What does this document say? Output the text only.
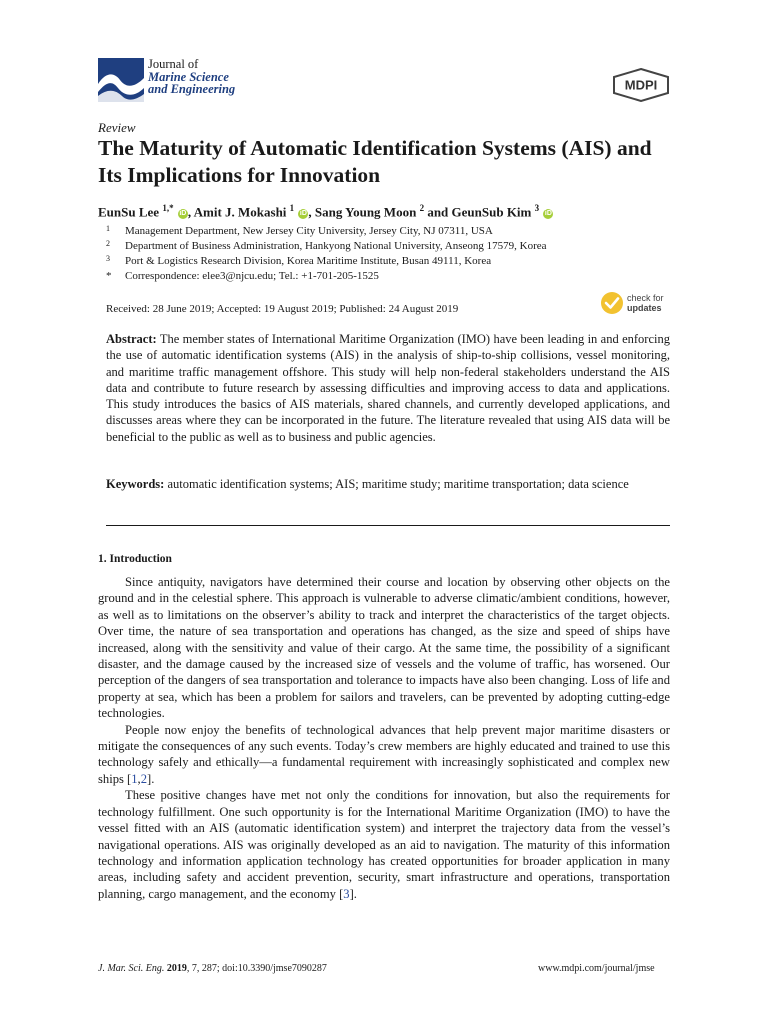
Journal of
Marine Science
and Engineering	MDPI
Review
The Maturity of Automatic Identification Systems (AIS) and Its Implications for Innovation
EunSu Lee $^{1,*}$ iD , Amit J. Mokashi $^1$ iD , Sang Young Moon $^2$ and GeunSub Kim $^3$ iD
1 Management Department, New Jersey City University, Jersey City, NJ 07311, USA
2 Department of Business Administration, Hankyong National University, Anseong 17579, Korea
3 Port & Logistics Research Division, Korea Maritime Institute, Busan 49111, Korea
* Correspondence: elee3@njcu.edu; Tel.: +1-701-205-1525
Received: 28 June 2019; Accepted: 19 August 2019; Published: 24 August 2019
check for
updates
Abstract: The member states of International Maritime Organization (IMO) have been leading in and enforcing the use of automatic identification systems (AIS) in the analysis of ship-to-ship collisions, vessel monitoring, and maritime traffic management offshore. This study will help non-federal stakeholders understand the AIS data and contribute to future research by assessing difficulties and improving access to data and applications. This study introduces the basics of AIS materials, shared channels, and currently developed applications, and discusses areas where they can be incorporated in the future. The literature revealed that using AIS data will be beneficial to the public as well as to business and public agencies.
Keywords: automatic identification systems; AIS; maritime study; maritime transportation; data science
1. Introduction

Since antiquity, navigators have determined their course and location by observing other objects on the ground and in the celestial sphere. This approach is vulnerable to adverse climatic/ambient conditions, however, as well as to limitations on the observer’s ability to track and interpret the characteristics of the target objects. Over time, the nature of sea transportation and operations has changed, as the size and speed of ships have increased, along with the sensitivity and value of their cargo. At the same time, the possibility of a significant disaster, and the damage caused by the increased size of vessels and the volume of traffic, has worsened. Our perception of the dangers of sea transportation and tolerance to impacts have also been changing. Loss of life and property at sea, which has been a problem for sailors and travelers, can be prevented by adopting cutting-edge technologies.

People now enjoy the benefits of technological advances that help prevent major maritime disasters or mitigate the consequences of any such events. Today’s crew members are highly educated and trained to use this technology safely and ethically—a fundamental requirement with increasingly sophisticated and complex new ships [1,2].

These positive changes have met not only the conditions for innovation, but also the requirements for technology fulfillment. One such opportunity is for the International Maritime Organization (IMO) to have the vessel fitted with an AIS (automatic identification system) and interpret the trajectory data from the vessel’s navigational operations. AIS was originally developed as an aid to navigation. The maturity of this information technology and information application technology has created opportunities for broader application in many areas, including safety and accident prevention, security, smart infrastructure and operations, transportation planning, cargo management, and the economy [3].

J. Mar. Sci. Eng. 2019, 7, 287; doi:10.3390/jmse7090287	www.mdpi.com/journal/jmse
